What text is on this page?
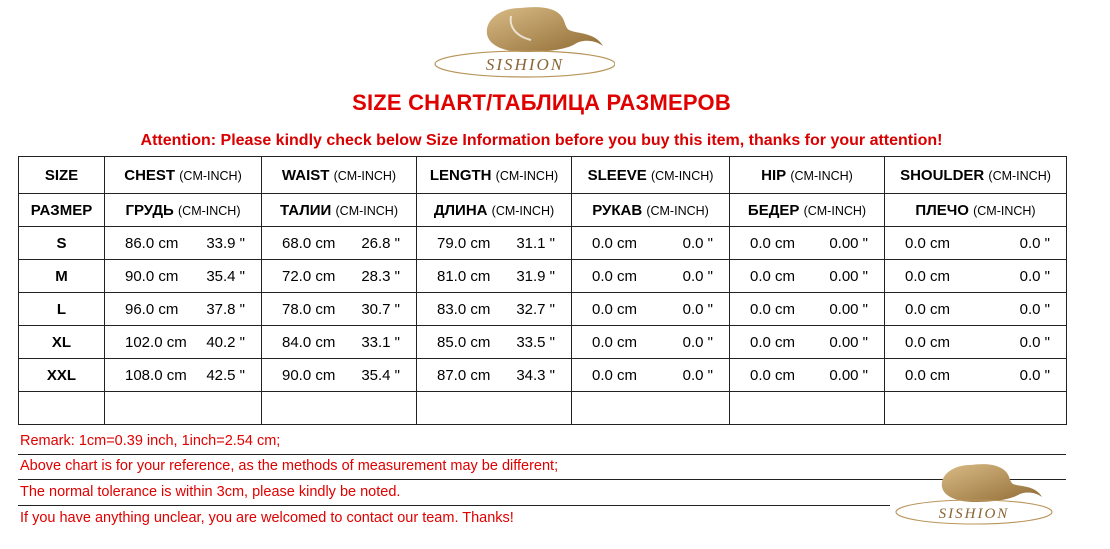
SISHION
SIZE CHART/ТАБЛИЦА РАЗМЕРОВ
Attention: Please kindly check below Size Information before you buy this item, thanks for your attention!
SIZE	CHEST (CM-INCH)	WAIST (CM-INCH)	LENGTH (CM-INCH)	SLEEVE (CM-INCH)	HIP (CM-INCH)	SHOULDER (CM-INCH)
РАЗМЕР	ГРУДЬ (CM-INCH)	ТАЛИИ (CM-INCH)	ДЛИНА (CM-INCH)	РУКАВ (CM-INCH)	БЕДЕР (CM-INCH)	ПЛЕЧО (CM-INCH)
S	86.0 cm 33.9 "	68.0 cm 26.8 "	79.0 cm 31.1 "	0.0 cm 0.0 "	0.0 cm 0.00 "	0.0 cm 0.0 "

M	90.0 cm 35.4 "	72.0 cm 28.3 "	81.0 cm 31.9 "	0.0 cm 0.0 "	0.0 cm 0.00 "	0.0 cm 0.0 "

L	96.0 cm 37.8 "	78.0 cm 30.7 "	83.0 cm 32.7 "	0.0 cm 0.0 "	0.0 cm 0.00 "	0.0 cm 0.0 "

XL	102.0 cm 40.2 "	84.0 cm 33.1 "	85.0 cm 33.5 "	0.0 cm 0.0 "	0.0 cm 0.00 "	0.0 cm 0.0 "

XXL	108.0 cm 42.5 "	90.0 cm 35.4 "	87.0 cm 34.3 "	0.0 cm 0.0 "	0.0 cm 0.00 "	0.0 cm 0.0 "

Remark: 1cm=0.39 inch, 1inch=2.54 cm;
Above chart is for your reference, as the methods of measurement may be different;
The normal tolerance is within 3cm, please kindly be noted.
If you have anything unclear, you are welcomed to contact our team. Thanks!	SISHION
